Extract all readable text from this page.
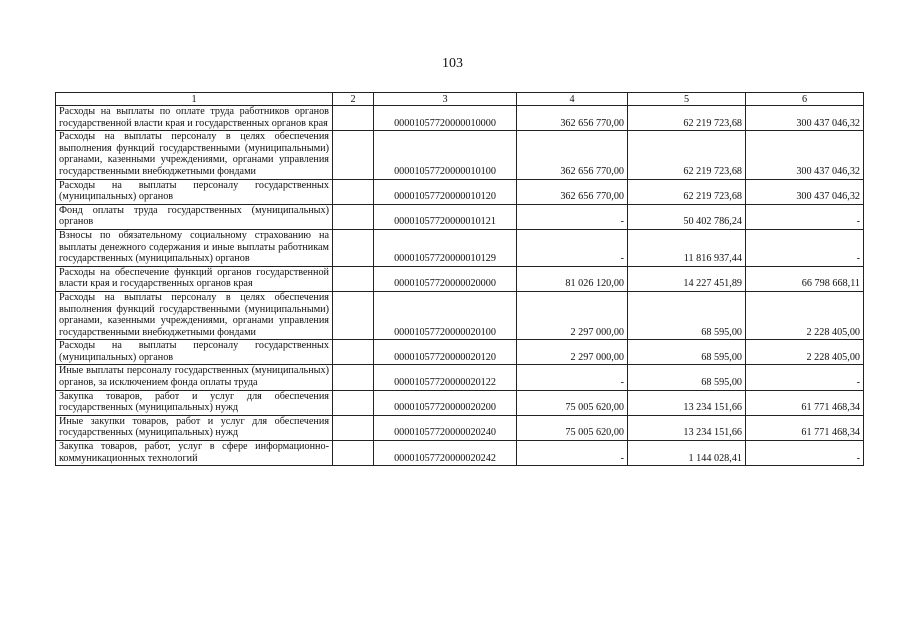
103
1	2	3	4	5	6
Расходы на выплаты по оплате труда работников органов государственной власти края и государственных органов края		00001057720000010000	362 656 770,00	62 219 723,68	300 437 046,32
Расходы на выплаты персоналу в целях обеспечения выполнения функций государственными (муниципальными) органами, казенными учреждениями, органами управления государственными внебюджетными фондами		00001057720000010100	362 656 770,00	62 219 723,68	300 437 046,32
Расходы на выплаты персоналу государственных (муниципальных) органов		00001057720000010120	362 656 770,00	62 219 723,68	300 437 046,32
Фонд оплаты труда государственных (муниципальных) органов		00001057720000010121	-	50 402 786,24	-
Взносы по обязательному социальному страхованию на выплаты денежного содержания и иные выплаты работникам государственных (муниципальных) органов		00001057720000010129	-	11 816 937,44	-
Расходы на обеспечение функций органов государственной власти края и государственных органов края		00001057720000020000	81 026 120,00	14 227 451,89	66 798 668,11
Расходы на выплаты персоналу в целях обеспечения выполнения функций государственными (муниципальными) органами, казенными учреждениями, органами управления государственными внебюджетными фондами		00001057720000020100	2 297 000,00	68 595,00	2 228 405,00
Расходы на выплаты персоналу государственных (муниципальных) органов		00001057720000020120	2 297 000,00	68 595,00	2 228 405,00
Иные выплаты персоналу государственных (муниципальных) органов, за исключением фонда оплаты труда		00001057720000020122	-	68 595,00	-
Закупка товаров, работ и услуг для обеспечения государственных (муниципальных) нужд		00001057720000020200	75 005 620,00	13 234 151,66	61 771 468,34
Иные закупки товаров, работ и услуг для обеспечения государственных (муниципальных) нужд		00001057720000020240	75 005 620,00	13 234 151,66	61 771 468,34
Закупка товаров, работ, услуг в сфере информационно-коммуникационных технологий		00001057720000020242	-	1 144 028,41	-
